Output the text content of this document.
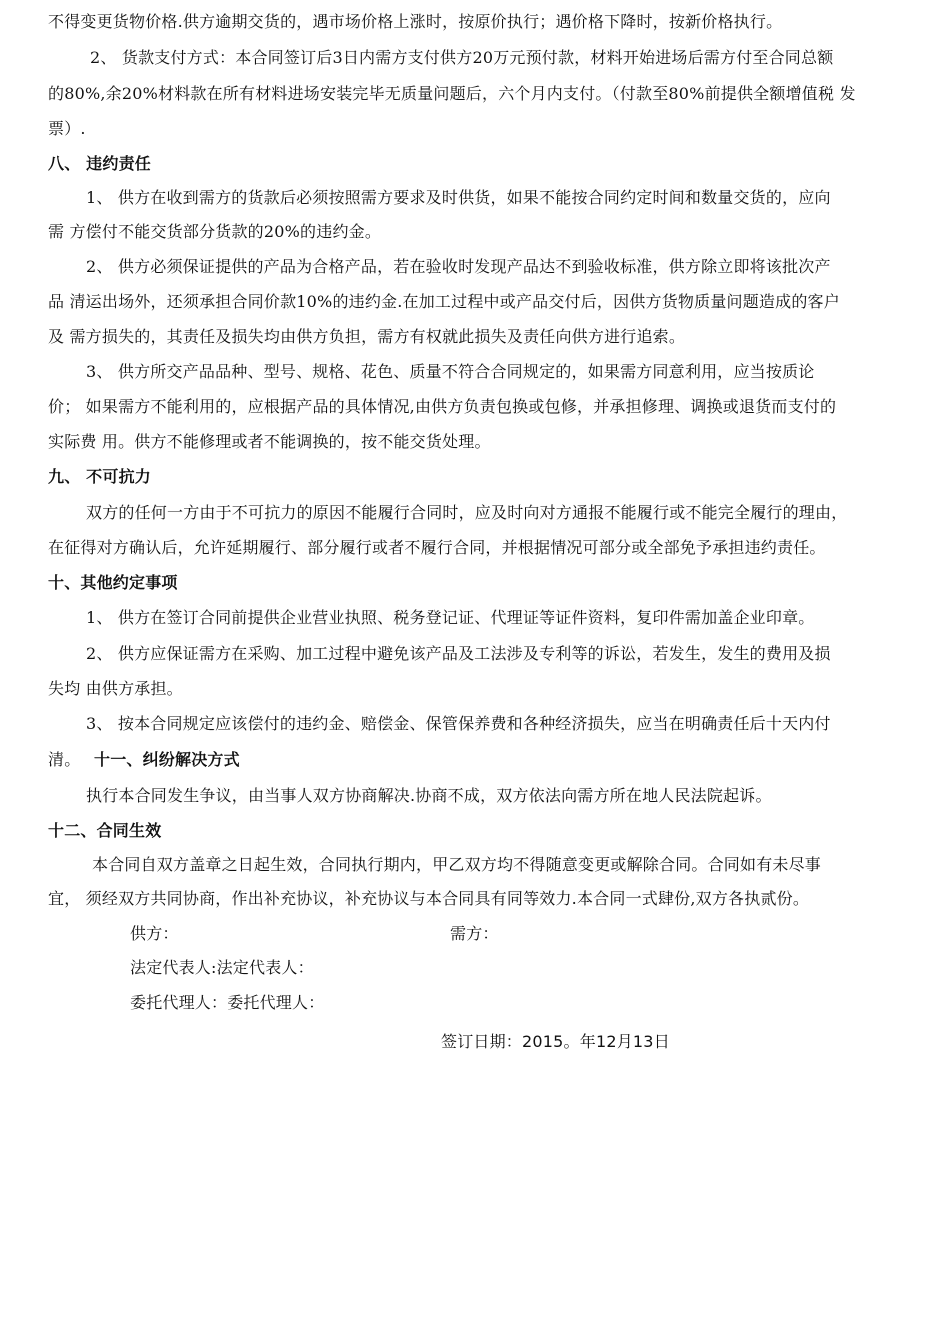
不得变更货物价格.供方逾期交货的，遇市场价格上涨时，按原价执行；遇价格下降时，按新价格执行。
2、 货款支付方式：本合同签订后3日内需方支付供方20万元预付款，材料开始进场后需方付至合同总额
的80%,余20%材料款在所有材料进场安装完毕无质量问题后，六个月内支付。（付款至80%前提供全额增值税 发
票）.
八、 违约责任
1、 供方在收到需方的货款后必须按照需方要求及时供货，如果不能按合同约定时间和数量交货的，应向
需 方偿付不能交货部分货款的20%的违约金。
2、 供方必须保证提供的产品为合格产品，若在验收时发现产品达不到验收标准，供方除立即将该批次产
品 清运出场外，还须承担合同价款10%的违约金.在加工过程中或产品交付后，因供方货物质量问题造成的客户
及 需方损失的，其责任及损失均由供方负担，需方有权就此损失及责任向供方进行追索。
3、 供方所交产品品种、型号、规格、花色、质量不符合合同规定的，如果需方同意利用，应当按质论
价； 如果需方不能利用的，应根据产品的具体情况,由供方负责包换或包修，并承担修理、调换或退货而支付的
实际费 用。供方不能修理或者不能调换的，按不能交货处理。
九、 不可抗力
双方的任何一方由于不可抗力的原因不能履行合同时，应及时向对方通报不能履行或不能完全履行的理由，
在征得对方确认后，允许延期履行、部分履行或者不履行合同，并根据情况可部分或全部免予承担违约责任。
十、其他约定事项
1、 供方在签订合同前提供企业营业执照、税务登记证、代理证等证件资料，复印件需加盖企业印章。
2、 供方应保证需方在采购、加工过程中避免该产品及工法涉及专利等的诉讼，若发生，发生的费用及损
失均 由供方承担。
3、 按本合同规定应该偿付的违约金、赔偿金、保管保养费和各种经济损失，应当在明确责任后十天内付
清。 十一、纠纷解决方式
执行本合同发生争议，由当事人双方协商解决.协商不成，双方依法向需方所在地人民法院起诉。
十二、合同生效
本合同自双方盖章之日起生效，合同执行期内，甲乙双方均不得随意变更或解除合同。合同如有未尽事
宜， 须经双方共同协商，作出补充协议，补充协议与本合同具有同等效力.本合同一式肆份,双方各执贰份。
供方：	需方：
法定代表人:法定代表人：
委托代理人：委托代理人：
签订日期：2015。年12月13日
